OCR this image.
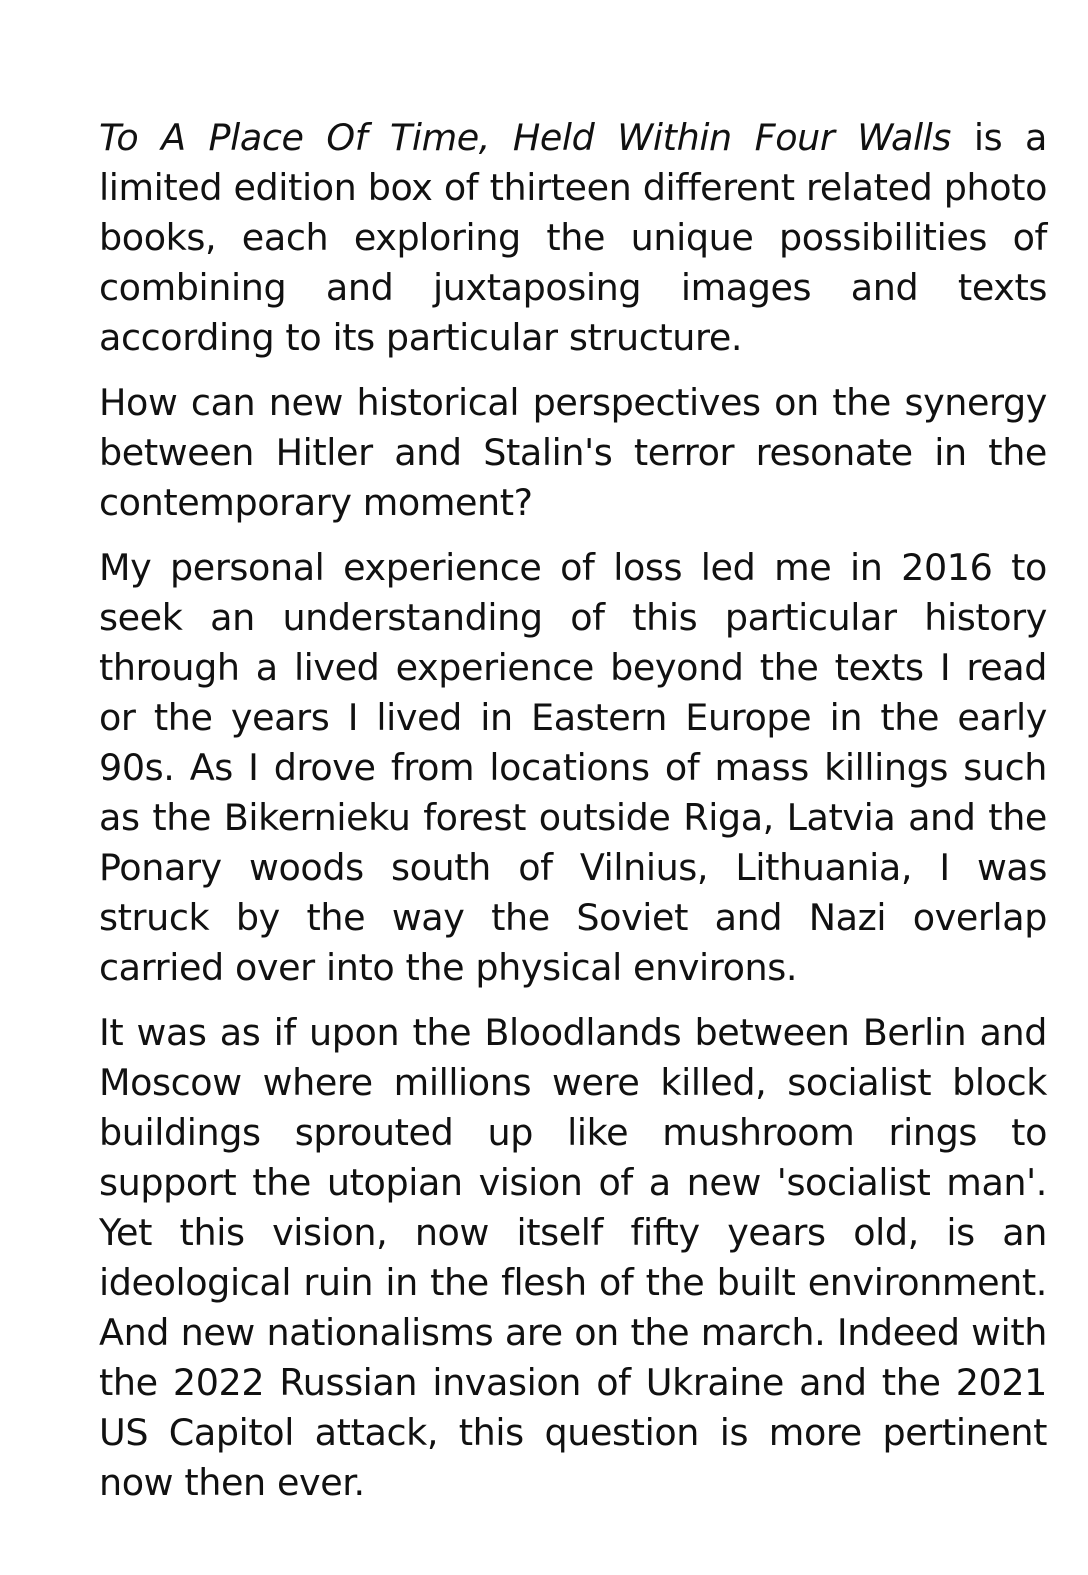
To A Place Of Time, Held Within Four Walls is a limited edition box of thirteen different related photo books, each exploring the unique possibilities of combining and juxtaposing images and texts according to its particular structure.

How can new historical perspectives on the synergy between Hitler and Stalin's terror resonate in the contemporary moment?

My personal experience of loss led me in 2016 to seek an understanding of this particular history through a lived experience beyond the texts I read or the years I lived in Eastern Europe in the early 90s. As I drove from locations of mass killings such as the Bikernieku forest outside Riga, Latvia and the Ponary woods south of Vilnius, Lithuania, I was struck by the way the Soviet and Nazi overlap carried over into the physical environs.

It was as if upon the Bloodlands between Berlin and Moscow where millions were killed, socialist block buildings sprouted up like mushroom rings to support the utopian vision of a new 'socialist man'. Yet this vision, now itself fifty years old, is an ideological ruin in the flesh of the built environment. And new nationalisms are on the march. Indeed with the 2022 Russian invasion of Ukraine and the 2021 US Capitol attack, this question is more pertinent now then ever.
